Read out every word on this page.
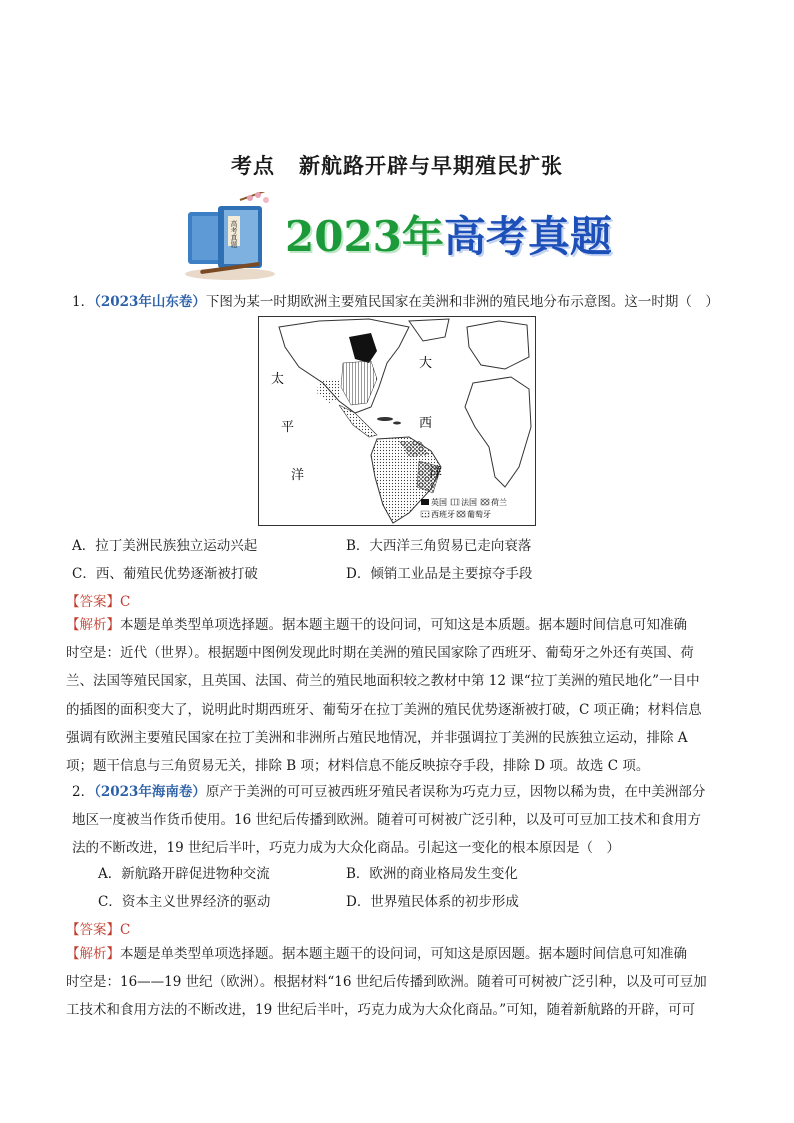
考点 新航路开辟与早期殖民扩张
高考真题 2023年高考真题
1．（2023年山东卷）下图为某一时期欧洲主要殖民国家在美洲和非洲的殖民地分布示意图。这一时期（　）
太
平
洋
大
西
洋
英国 法国 荷兰
西班牙 葡萄牙
A．拉丁美洲民族独立运动兴起	B．大西洋三角贸易已走向衰落
C．西、葡殖民优势逐渐被打破	D．倾销工业品是主要掠夺手段
【答案】C
【解析】本题是单类型单项选择题。据本题主题干的设问词，可知这是本质题。据本题时间信息可知准确
时空是：近代（世界）。根据题中图例发现此时期在美洲的殖民国家除了西班牙、葡萄牙之外还有英国、荷
兰、法国等殖民国家，且英国、法国、荷兰的殖民地面积较之教材中第 12 课“拉丁美洲的殖民地化”一目中
的插图的面积变大了，说明此时期西班牙、葡萄牙在拉丁美洲的殖民优势逐渐被打破，C 项正确；材料信息
强调有欧洲主要殖民国家在拉丁美洲和非洲所占殖民地情况，并非强调拉丁美洲的民族独立运动，排除 A
项；题干信息与三角贸易无关，排除 B 项；材料信息不能反映掠夺手段，排除 D 项。故选 C 项。
2．（2023年海南卷）原产于美洲的可可豆被西班牙殖民者误称为巧克力豆，因物以稀为贵，在中美洲部分
地区一度被当作货币使用。16 世纪后传播到欧洲。随着可可树被广泛引种，以及可可豆加工技术和食用方
法的不断改进，19 世纪后半叶，巧克力成为大众化商品。引起这一变化的根本原因是（　）
A．新航路开辟促进物种交流	B．欧洲的商业格局发生变化
C．资本主义世界经济的驱动	D．世界殖民体系的初步形成
【答案】C
【解析】本题是单类型单项选择题。据本题主题干的设问词，可知这是原因题。据本题时间信息可知准确
时空是：16——19 世纪（欧洲）。根据材料“16 世纪后传播到欧洲。随着可可树被广泛引种，以及可可豆加
工技术和食用方法的不断改进，19 世纪后半叶，巧克力成为大众化商品。”可知，随着新航路的开辟，可可
